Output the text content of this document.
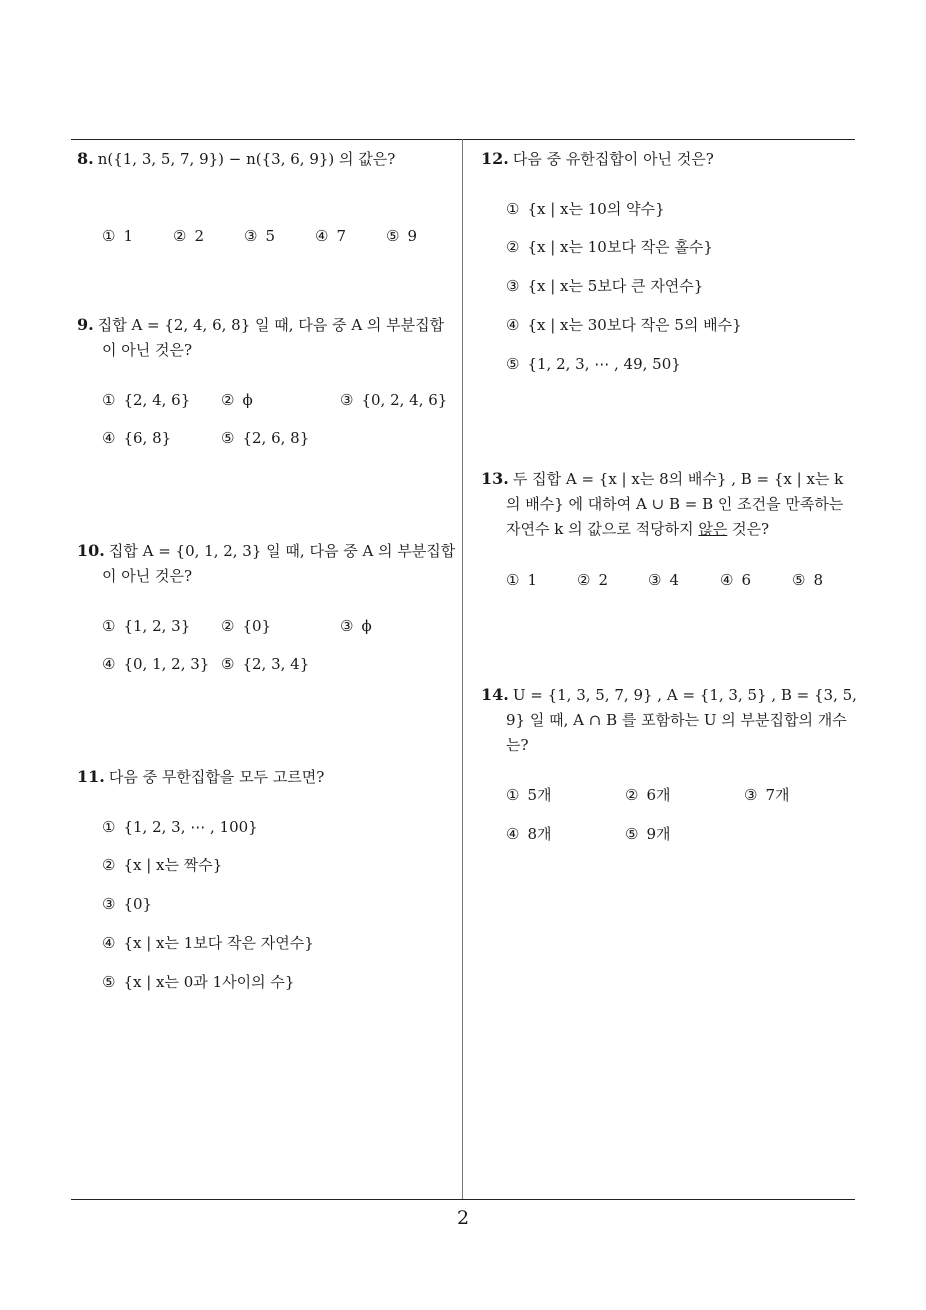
8. n({1, 3, 5, 7, 9}) − n({3, 6, 9}) 의 값은?

① 1	② 2	③ 5	④ 7	⑤ 9

9. 집합 A = {2, 4, 6, 8} 일 때, 다음 중 A 의 부분집합이 아닌 것은?

① {2, 4, 6} ② ϕ	③ {0, 2, 4, 6}
④ {6, 8}	⑤ {2, 6, 8}

10. 집합 A = {0, 1, 2, 3} 일 때, 다음 중 A 의 부분집합이 아닌 것은?

① {1, 2, 3} ② {0}	③ ϕ
④ {0, 1, 2, 3} ⑤ {2, 3, 4}

11. 다음 중 무한집합을 모두 고르면?

① {1, 2, 3, ⋯ , 100}
② {x | x는 짝수}
③ {0}
④ {x | x는 1보다 작은 자연수}
⑤ {x | x는 0과 1사이의 수}

12. 다음 중 유한집합이 아닌 것은?

① {x | x는 10의 약수}
② {x | x는 10보다 작은 홀수}
③ {x | x는 5보다 큰 자연수}
④ {x | x는 30보다 작은 5의 배수}
⑤ {1, 2, 3, ⋯ , 49, 50}

13. 두 집합 A = {x | x는 8의 배수} , B = {x | x는 k의 배수} 에 대하여 A ∪ B = B 인 조건을 만족하는 자연수 k 의 값으로 적당하지 않은 것은?

① 1	② 2	③ 4	④ 6	⑤ 8

14. U = {1, 3, 5, 7, 9} , A = {1, 3, 5} , B = {3, 5, 9} 일 때, A ∩ B 를 포함하는 U 의 부분집합의 개수는?

① 5개	② 6개	③ 7개
④ 8개	⑤ 9개
2
